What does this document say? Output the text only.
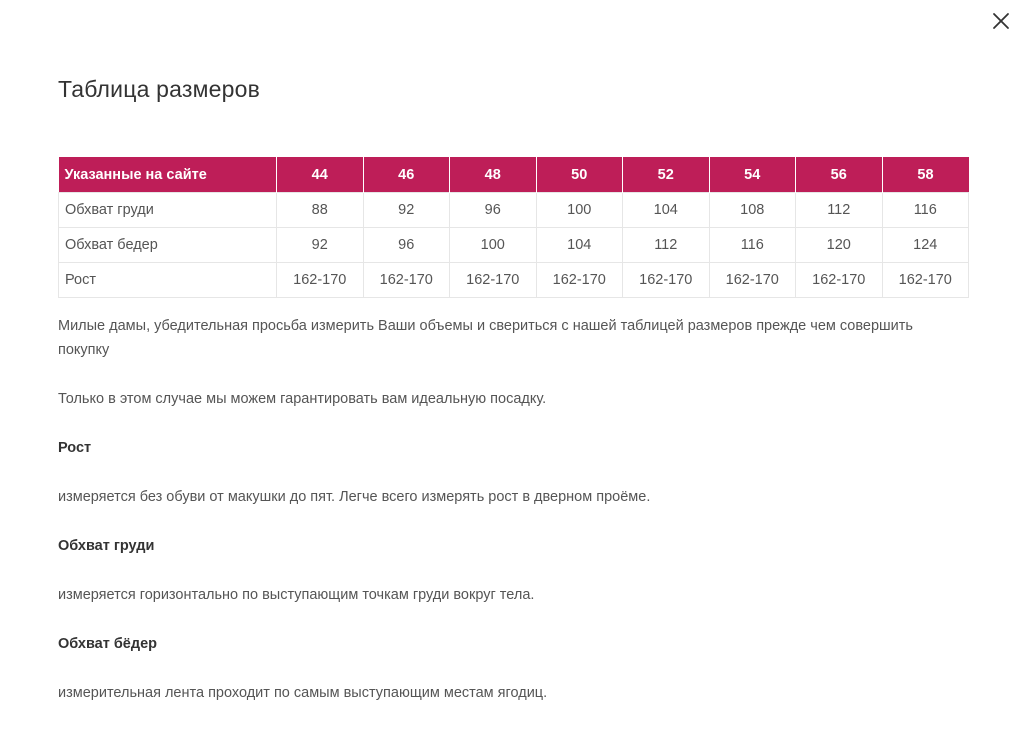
Таблица размеров
Указанные на сайте	44	46	48	50	52	54	56	58
Обхват груди	88	92	96	100	104	108	112	116
Обхват бедер	92	96	100	104	112	116	120	124
Рост	162-170	162-170	162-170	162-170	162-170	162-170	162-170	162-170

Милые дамы, убедительная просьба измерить Ваши объемы и свериться с нашей таблицей размеров прежде чем совершить покупку

Только в этом случае мы можем гарантировать вам идеальную посадку.

Рост

измеряется без обуви от макушки до пят. Легче всего измерять рост в дверном проёме.

Обхват груди

измеряется горизонтально по выступающим точкам груди вокруг тела.

Обхват бёдер

измерительная лента проходит по самым выступающим местам ягодиц.
